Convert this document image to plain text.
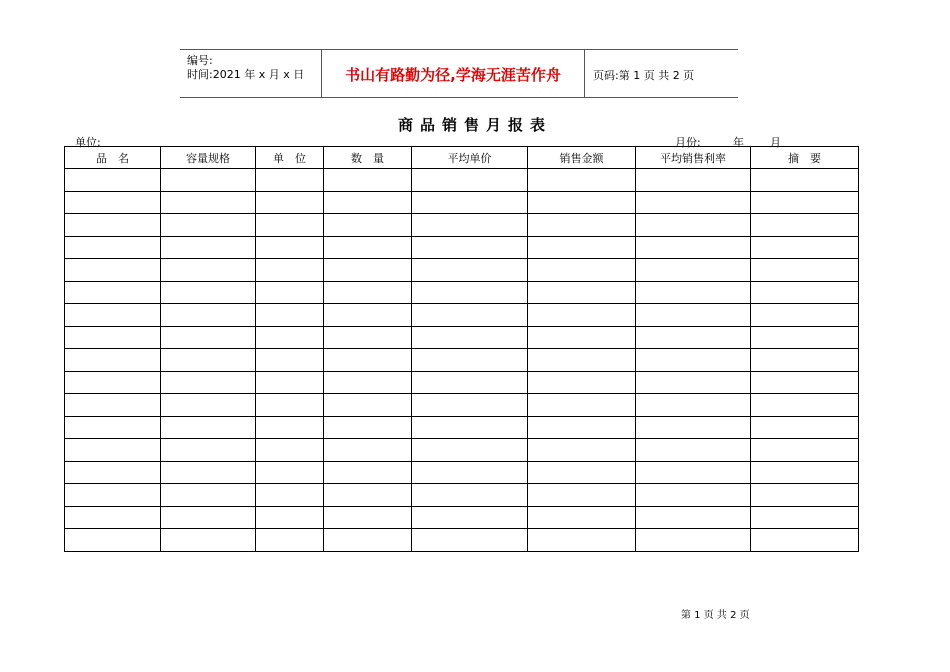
编号:
时间:2021 年 x 月 x 日	书山有路勤为径,学海无涯苦作舟	页码:第 1 页 共 2 页
商品销售月报表
单位:	月份:	年 月
品　名	容量规格	单　位	数　量	平均单价	销售金额	平均销售利率	摘　要

第 1 页 共 2 页
